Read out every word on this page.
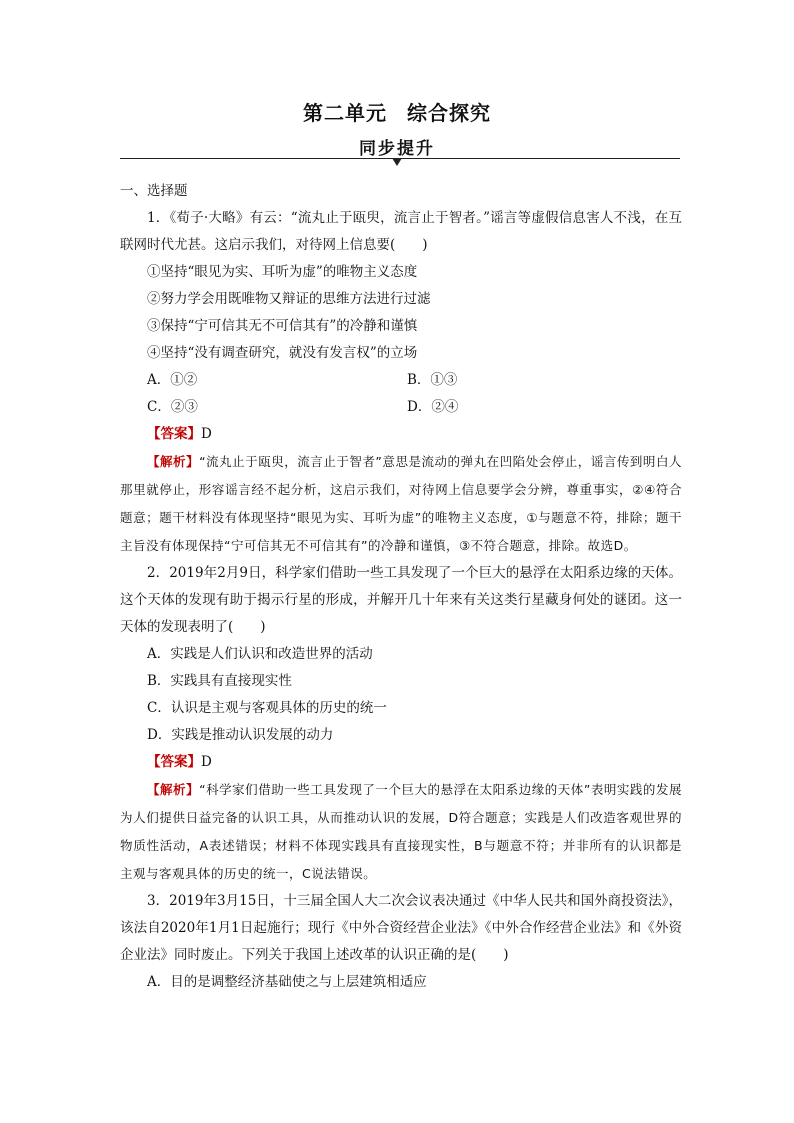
第二单元 综合探究
同步提升

一、选择题

1．《荀子·大略》有云：“流丸止于瓯臾，流言止于智者。”谣言等虚假信息害人不浅，在互联网时代尤甚。这启示我们，对待网上信息要(　　)

①坚持“眼见为实、耳听为虚”的唯物主义态度

②努力学会用既唯物又辩证的思维方法进行过滤

③保持“宁可信其无不可信其有”的冷静和谨慎

④坚持“没有调查研究，就没有发言权”的立场

A．①②	B．①③
C．②③	D．②④

【答案】D

【解析】“流丸止于瓯臾，流言止于智者”意思是流动的弹丸在凹陷处会停止，谣言传到明白人那里就停止，形容谣言经不起分析，这启示我们，对待网上信息要学会分辨，尊重事实，②④符合题意；题干材料没有体现坚持“眼见为实、耳听为虚”的唯物主义态度，①与题意不符，排除；题干主旨没有体现保持“宁可信其无不可信其有”的冷静和谨慎，③不符合题意，排除。故选D。

2．2019年2月9日，科学家们借助一些工具发现了一个巨大的悬浮在太阳系边缘的天体。这个天体的发现有助于揭示行星的形成，并解开几十年来有关这类行星藏身何处的谜团。这一天体的发现表明了(　　)

A．实践是人们认识和改造世界的活动

B．实践具有直接现实性

C．认识是主观与客观具体的历史的统一

D．实践是推动认识发展的动力

【答案】D

【解析】“科学家们借助一些工具发现了一个巨大的悬浮在太阳系边缘的天体”表明实践的发展为人们提供日益完备的认识工具，从而推动认识的发展，D符合题意；实践是人们改造客观世界的物质性活动，A表述错误；材料不体现实践具有直接现实性，B与题意不符；并非所有的认识都是主观与客观具体的历史的统一，C说法错误。

3．2019年3月15日，十三届全国人大二次会议表决通过《中华人民共和国外商投资法》，该法自2020年1月1日起施行；现行《中外合资经营企业法》《中外合作经营企业法》和《外资企业法》同时废止。下列关于我国上述改革的认识正确的是(　　)

A．目的是调整经济基础使之与上层建筑相适应
